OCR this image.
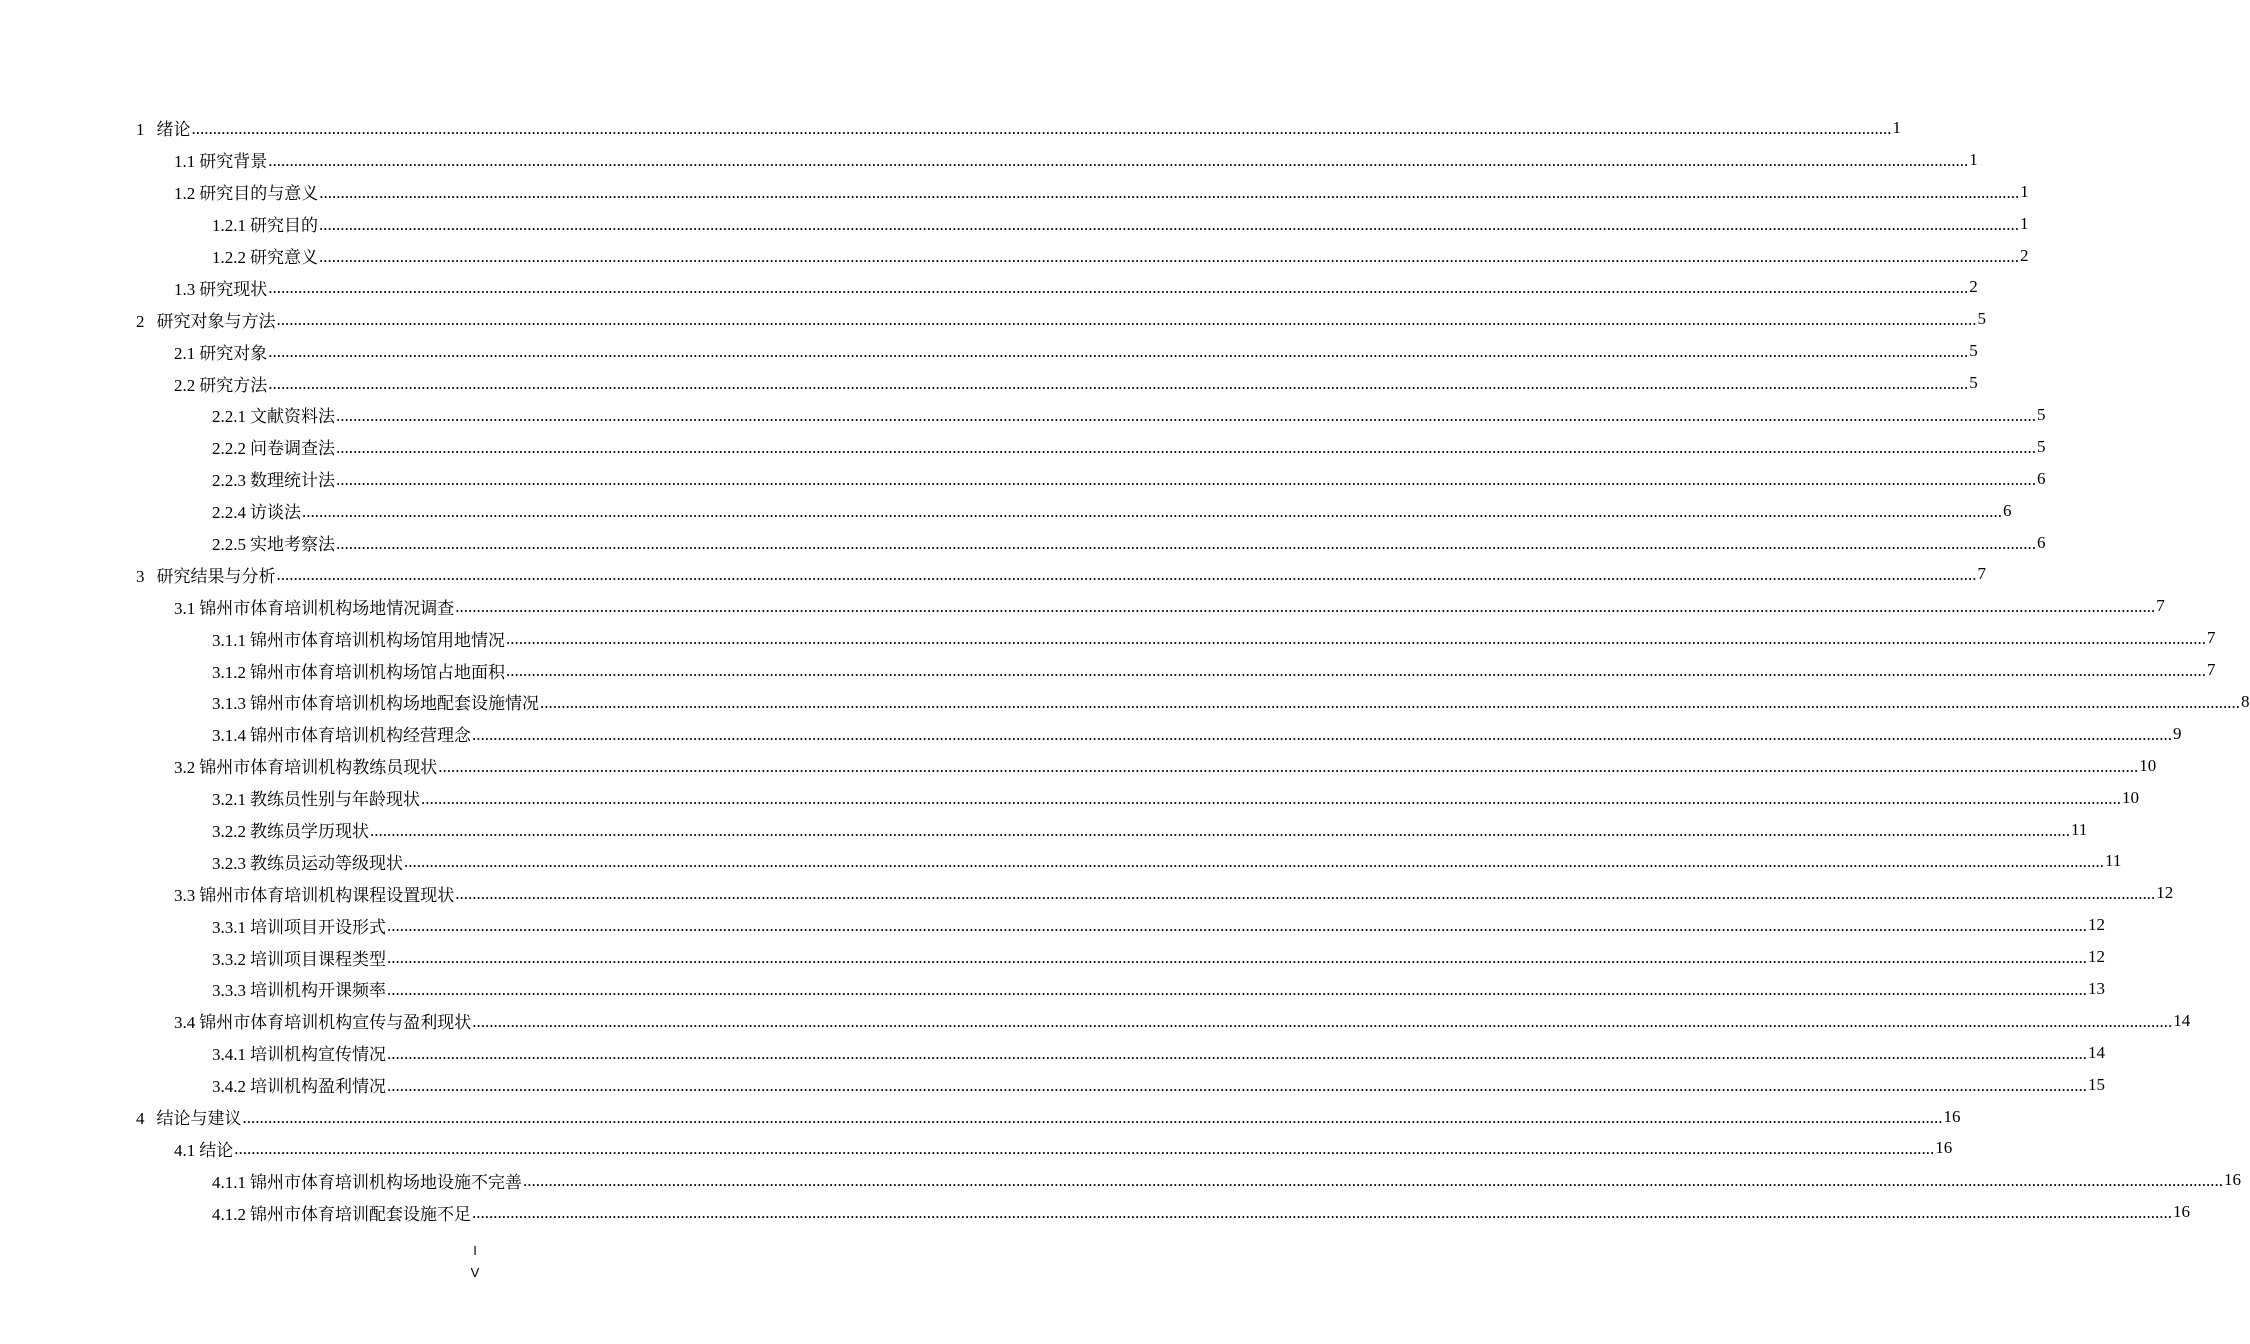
1 绪论 ................................................................................................................................................................................................................................................................................................................................................................................................................ 1
1.1 研究背景 ................................................................................................................................................................................................................................................................................................................................................................................................................ 1
1.2 研究目的与意义 ................................................................................................................................................................................................................................................................................................................................................................................................................ 1
1.2.1 研究目的 ................................................................................................................................................................................................................................................................................................................................................................................................................ 1
1.2.2 研究意义 ................................................................................................................................................................................................................................................................................................................................................................................................................ 2
1.3 研究现状 ................................................................................................................................................................................................................................................................................................................................................................................................................ 2
2 研究对象与方法 ................................................................................................................................................................................................................................................................................................................................................................................................................ 5
2.1 研究对象 ................................................................................................................................................................................................................................................................................................................................................................................................................ 5
2.2 研究方法 ................................................................................................................................................................................................................................................................................................................................................................................................................ 5
2.2.1 文献资料法 ................................................................................................................................................................................................................................................................................................................................................................................................................ 5
2.2.2 问卷调查法 ................................................................................................................................................................................................................................................................................................................................................................................................................ 5
2.2.3 数理统计法 ................................................................................................................................................................................................................................................................................................................................................................................................................ 6
2.2.4 访谈法 ................................................................................................................................................................................................................................................................................................................................................................................................................ 6
2.2.5 实地考察法 ................................................................................................................................................................................................................................................................................................................................................................................................................ 6
3 研究结果与分析 ................................................................................................................................................................................................................................................................................................................................................................................................................ 7
3.1 锦州市体育培训机构场地情况调查 ................................................................................................................................................................................................................................................................................................................................................................................................................ 7
3.1.1 锦州市体育培训机构场馆用地情况 ................................................................................................................................................................................................................................................................................................................................................................................................................ 7
3.1.2 锦州市体育培训机构场馆占地面积 ................................................................................................................................................................................................................................................................................................................................................................................................................ 7
3.1.3 锦州市体育培训机构场地配套设施情况 ................................................................................................................................................................................................................................................................................................................................................................................................................ 8
3.1.4 锦州市体育培训机构经营理念 ................................................................................................................................................................................................................................................................................................................................................................................................................ 9
3.2 锦州市体育培训机构教练员现状 ................................................................................................................................................................................................................................................................................................................................................................................................................ 10
3.2.1 教练员性别与年龄现状 ................................................................................................................................................................................................................................................................................................................................................................................................................ 10
3.2.2 教练员学历现状 ................................................................................................................................................................................................................................................................................................................................................................................................................ 11
3.2.3 教练员运动等级现状 ................................................................................................................................................................................................................................................................................................................................................................................................................ 11
3.3 锦州市体育培训机构课程设置现状 ................................................................................................................................................................................................................................................................................................................................................................................................................ 12
3.3.1 培训项目开设形式 ................................................................................................................................................................................................................................................................................................................................................................................................................ 12
3.3.2 培训项目课程类型 ................................................................................................................................................................................................................................................................................................................................................................................................................ 12
3.3.3 培训机构开课频率 ................................................................................................................................................................................................................................................................................................................................................................................................................ 13
3.4 锦州市体育培训机构宣传与盈利现状 ................................................................................................................................................................................................................................................................................................................................................................................................................ 14
3.4.1 培训机构宣传情况 ................................................................................................................................................................................................................................................................................................................................................................................................................ 14
3.4.2 培训机构盈利情况 ................................................................................................................................................................................................................................................................................................................................................................................................................ 15
4 结论与建议 ................................................................................................................................................................................................................................................................................................................................................................................................................ 16
4.1 结论 ................................................................................................................................................................................................................................................................................................................................................................................................................ 16
4.1.1 锦州市体育培训机构场地设施不完善 ................................................................................................................................................................................................................................................................................................................................................................................................................ 16
4.1.2 锦州市体育培训配套设施不足 ................................................................................................................................................................................................................................................................................................................................................................................................................ 16
I
V
